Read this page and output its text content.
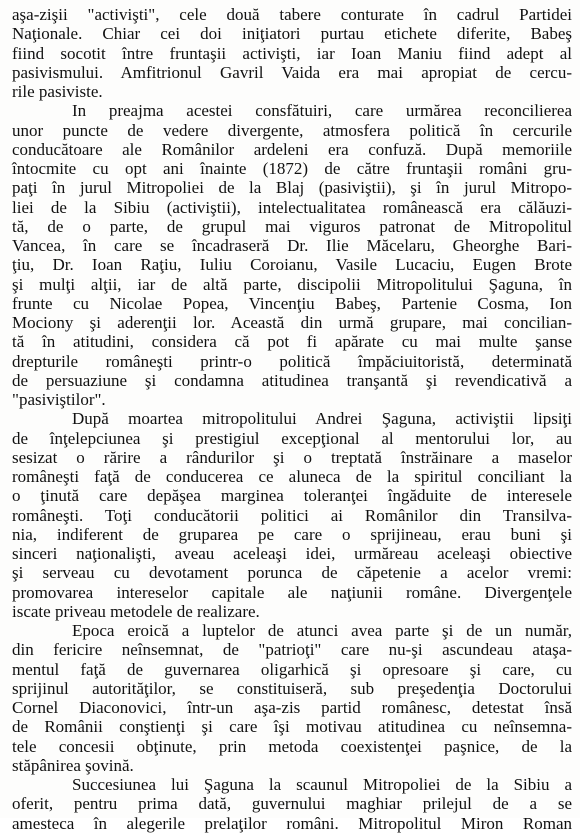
aşa-zişii "activişti", cele două tabere conturate în cadrul Partidei
Naţionale. Chiar cei doi iniţiatori purtau etichete diferite, Babeş
fiind socotit între fruntaşii activişti, iar Ioan Maniu fiind adept al
pasivismului. Amfitrionul Gavril Vaida era mai apropiat de cercu-
rile pasiviste.
In preajma acestei consfătuiri, care urmărea reconcilierea
unor puncte de vedere divergente, atmosfera politică în cercurile
conducătoare ale Românilor ardeleni era confuză. După memoriile
întocmite cu opt ani înainte (1872) de către fruntaşii români gru-
paţi în jurul Mitropoliei de la Blaj (pasiviştii), şi în jurul Mitropo-
liei de la Sibiu (activiştii), intelectualitatea românească era călăuzi-
tă, de o parte, de grupul mai viguros patronat de Mitropolitul
Vancea, în care se încadraseră Dr. Ilie Măcelaru, Gheorghe Bari-
ţiu, Dr. Ioan Raţiu, Iuliu Coroianu, Vasile Lucaciu, Eugen Brote
şi mulţi alţii, iar de altă parte, discipolii Mitropolitului Şaguna, în
frunte cu Nicolae Popea, Vincenţiu Babeş, Partenie Cosma, Ion
Mociony şi aderenţii lor. Această din urmă grupare, mai concilian-
tă în atitudini, considera că pot fi apărate cu mai multe şanse
drepturile româneşti printr-o politică împăciuitoristă, determinată
de persuaziune şi condamna atitudinea tranşantă şi revendicativă a
"pasiviştilor".
După moartea mitropolitului Andrei Şaguna, activiştii lipsiţi
de înţelepciunea şi prestigiul excepţional al mentorului lor, au
sesizat o rărire a rândurilor şi o treptată înstrăinare a maselor
româneşti faţă de conducerea ce aluneca de la spiritul conciliant la
o ţinută care depăşea marginea toleranţei îngăduite de interesele
româneşti. Toţi conducătorii politici ai Românilor din Transilva-
nia, indiferent de gruparea pe care o sprijineau, erau buni şi
sinceri naţionalişti, aveau aceleaşi idei, urmăreau aceleaşi obiective
şi serveau cu devotament porunca de căpetenie a acelor vremi:
promovarea intereselor capitale ale naţiunii române. Divergenţele
iscate priveau metodele de realizare.
Epoca eroică a luptelor de atunci avea parte şi de un număr,
din fericire neînsemnat, de "patrioţi" care nu-şi ascundeau ataşa-
mentul faţă de guvernarea oligarhică şi opresoare şi care, cu
sprijinul autorităţilor, se constituiseră, sub preşedenţia Doctorului
Cornel Diaconovici, într-un aşa-zis partid românesc, detestat însă
de Românii conştienţi şi care îşi motivau atitudinea cu neînsemna-
tele concesii obţinute, prin metoda coexistenţei paşnice, de la
stăpânirea şovină.
Succesiunea lui Şaguna la scaunul Mitropoliei de la Sibiu a
oferit, pentru prima dată, guvernului maghiar prilejul de a se
amesteca în alegerile prelaţilor români. Mitropolitul Miron Roman
